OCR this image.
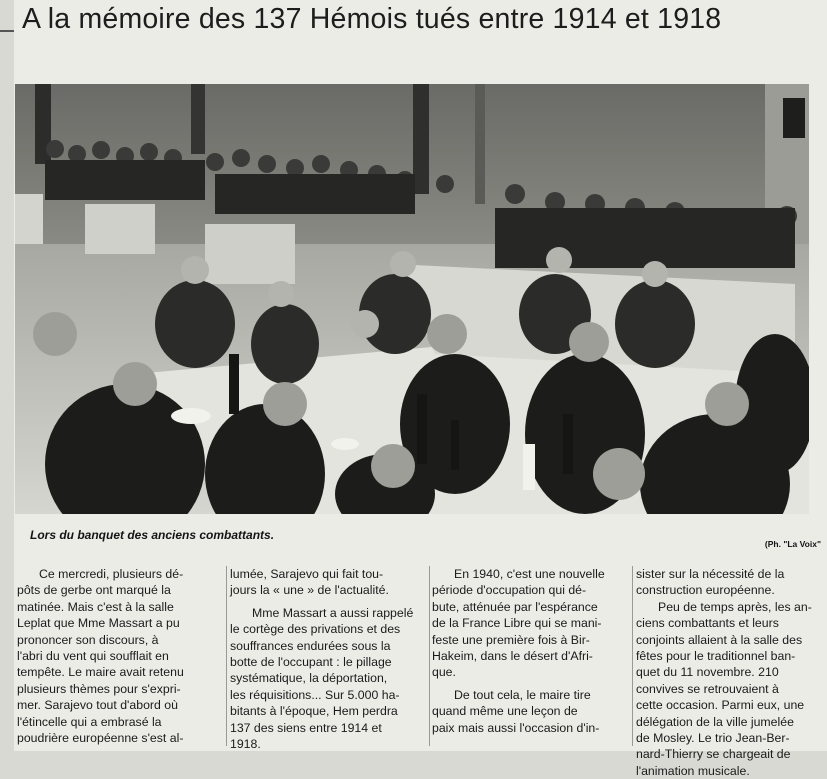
A la mémoire des 137 Hémois tués entre 1914 et 1918
Lors du banquet des anciens combattants.
(Ph. "La Voix"
Ce mercredi, plusieurs dé-
pôts de gerbe ont marqué la
matinée. Mais c'est à la salle
Leplat que Mme Massart a pu
prononcer son discours, à
l'abri du vent qui soufflait en
tempête. Le maire avait retenu
plusieurs thèmes pour s'expri-
mer. Sarajevo tout d'abord où
l'étincelle qui a embrasé la
poudrière européenne s'est al-
lumée, Sarajevo qui fait tou-
jours la « une » de l'actualité.
Mme Massart a aussi rappelé
le cortège des privations et des
souffrances endurées sous la
botte de l'occupant : le pillage
systématique, la déportation,
les réquisitions... Sur 5.000 ha-
bitants à l'époque, Hem perdra
137 des siens entre 1914 et
1918.
En 1940, c'est une nouvelle
période d'occupation qui dé-
bute, atténuée par l'espérance
de la France Libre qui se mani-
feste une première fois à Bir-
Hakeim, dans le désert d'Afri-
que.
De tout cela, le maire tire
quand même une leçon de
paix mais aussi l'occasion d'in-
sister sur la nécessité de la
construction européenne.
Peu de temps après, les an-
ciens combattants et leurs
conjoints allaient à la salle des
fêtes pour le traditionnel ban-
quet du 11 novembre. 210
convives se retrouvaient à
cette occasion. Parmi eux, une
délégation de la ville jumelée
de Mosley. Le trio Jean-Ber-
nard-Thierry se chargeait de
l'animation musicale.
